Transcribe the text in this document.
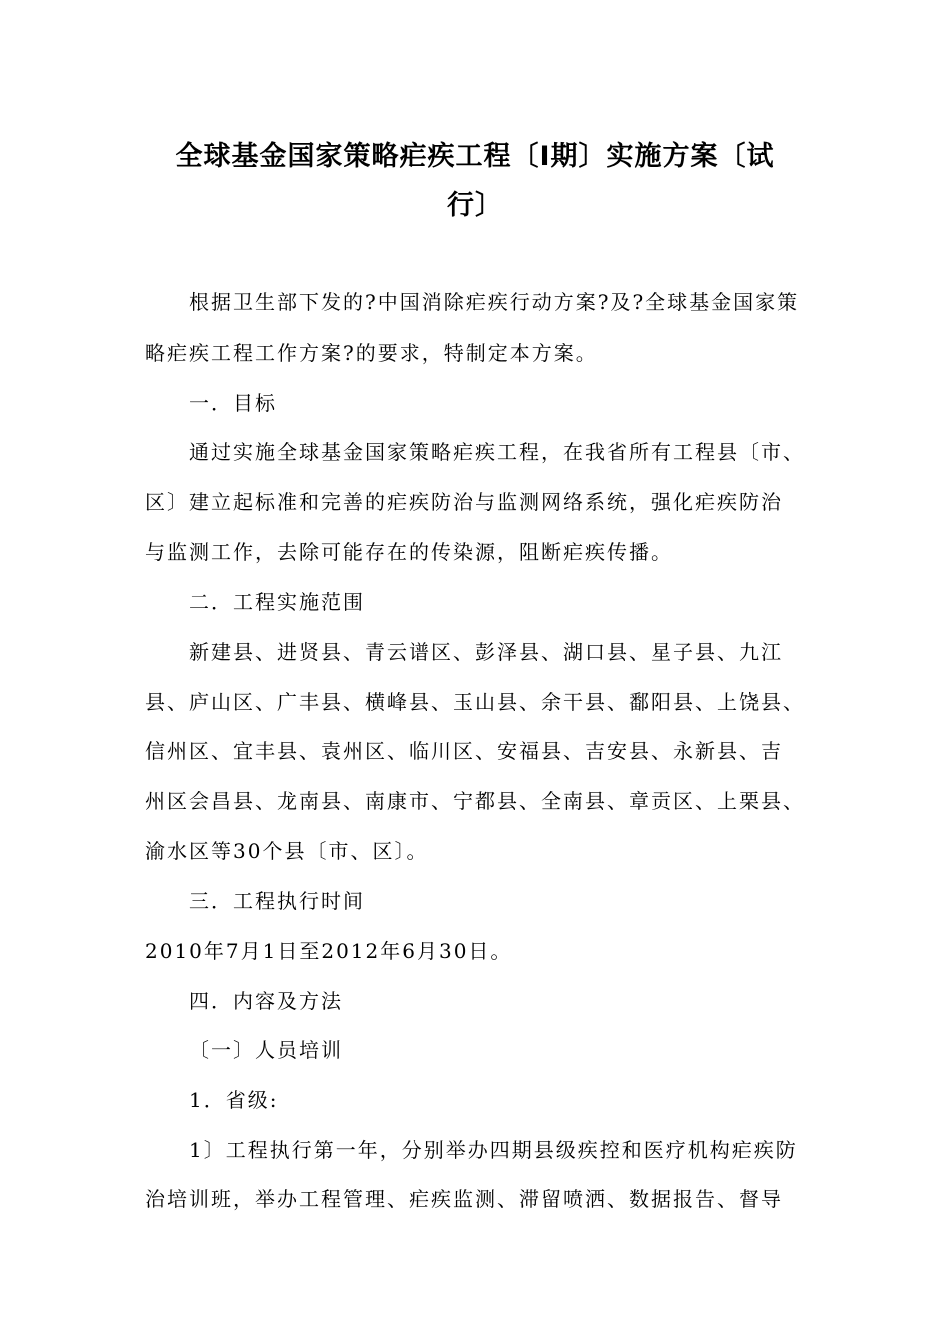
全球基金国家策略疟疾工程〔I期〕实施方案〔试
行〕

根据卫生部下发的?中国消除疟疾行动方案?及?全球基金国家策

略疟疾工程工作方案?的要求，特制定本方案。

一．目标

通过实施全球基金国家策略疟疾工程，在我省所有工程县〔市、

区〕建立起标准和完善的疟疾防治与监测网络系统，强化疟疾防治

与监测工作，去除可能存在的传染源，阻断疟疾传播。

二．工程实施范围

新建县、进贤县、青云谱区、彭泽县、湖口县、星子县、九江

县、庐山区、广丰县、横峰县、玉山县、余干县、鄱阳县、上饶县、

信州区、宜丰县、袁州区、临川区、安福县、吉安县、永新县、吉

州区会昌县、龙南县、南康市、宁都县、全南县、章贡区、上栗县、

渝水区等30个县〔市、区〕。

三．工程执行时间

2010年7月1日至2012年6月30日。

四．内容及方法

〔一〕人员培训

1．省级:

1〕工程执行第一年，分别举办四期县级疾控和医疗机构疟疾防

治培训班，举办工程管理、疟疾监测、滞留喷洒、数据报告、督导
